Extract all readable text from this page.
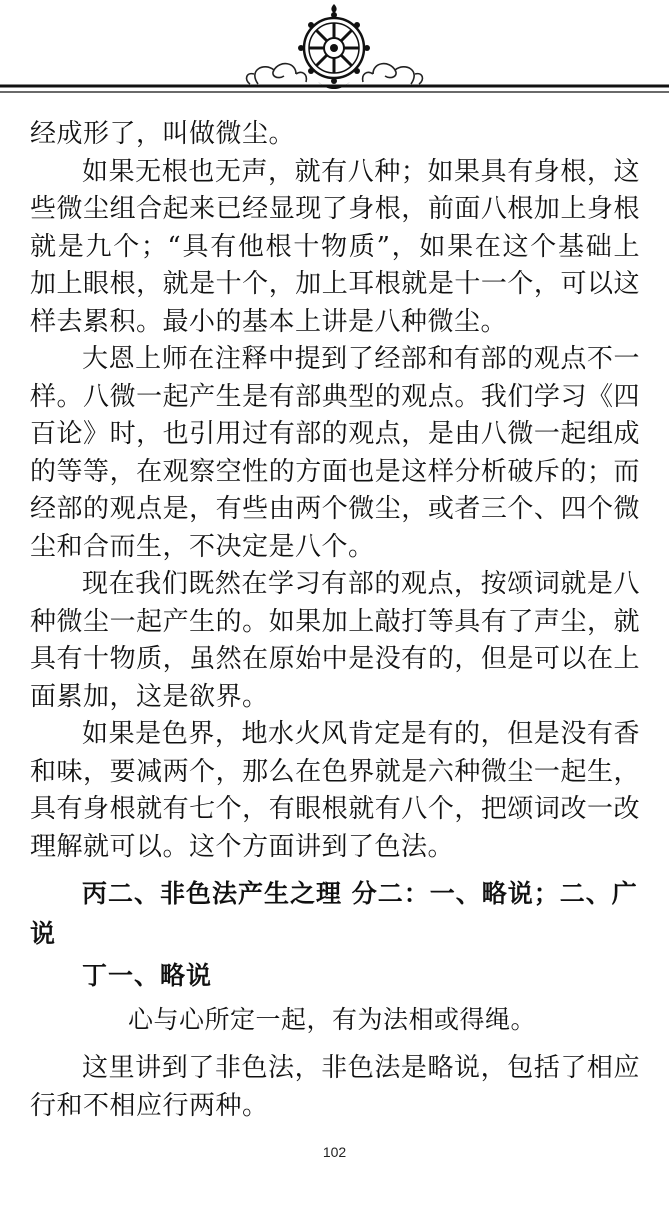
经成形了，叫做微尘。

如果无根也无声，就有八种；如果具有身根，这些微尘组合起来已经显现了身根，前面八根加上身根就是九个；“具有他根十物质”，如果在这个基础上加上眼根，就是十个，加上耳根就是十一个，可以这样去累积。最小的基本上讲是八种微尘。

大恩上师在注释中提到了经部和有部的观点不一样。八微一起产生是有部典型的观点。我们学习《四百论》时，也引用过有部的观点，是由八微一起组成的等等，在观察空性的方面也是这样分析破斥的；而经部的观点是，有些由两个微尘，或者三个、四个微尘和合而生，不决定是八个。

现在我们既然在学习有部的观点，按颂词就是八种微尘一起产生的。如果加上敲打等具有了声尘，就具有十物质，虽然在原始中是没有的，但是可以在上面累加，这是欲界。

如果是色界，地水火风肯定是有的，但是没有香和味，要减两个，那么在色界就是六种微尘一起生，具有身根就有七个，有眼根就有八个，把颂词改一改理解就可以。这个方面讲到了色法。

丙二、非色法产生之理 分二：一、略说；二、广说

丁一、略说

心与心所定一起，有为法相或得绳。

这里讲到了非色法，非色法是略说，包括了相应行和不相应行两种。

102
